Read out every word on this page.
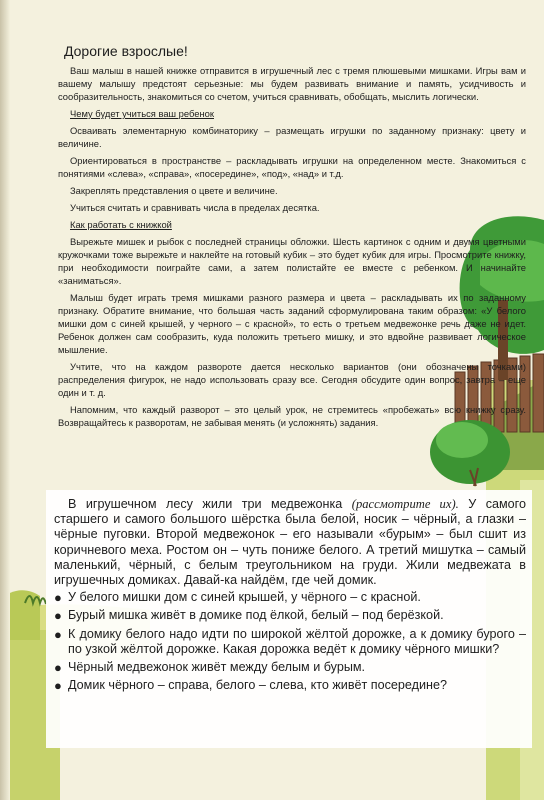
Дорогие взрослые!

Ваш малыш в нашей книжке отправится в игрушечный лес с тремя плюшевыми мишками. Игры вам и вашему малышу предстоят серьезные: мы будем развивать внимание и память, усидчивость и сообразительность, знакомиться со счетом, учиться сравнивать, обобщать, мыслить логически.

Чему будет учиться ваш ребенок

Осваивать элементарную комбинаторику – размещать игрушки по заданному признаку: цвету и величине.

Ориентироваться в пространстве – раскладывать игрушки на определенном месте. Знакомиться с понятиями «слева», «справа», «посередине», «под», «над» и т.д.

Закреплять представления о цвете и величине.

Учиться считать и сравнивать числа в пределах десятка.

Как работать с книжкой

Вырежьте мишек и рыбок с последней страницы обложки. Шесть картинок с одним и двумя цветными кружочками тоже вырежьте и наклейте на готовый кубик – это будет кубик для игры. Просмотрите книжку, при необходимости поиграйте сами, а затем полистайте ее вместе с ребенком. И начинайте «заниматься».

Малыш будет играть тремя мишками разного размера и цвета – раскладывать их по заданному признаку. Обратите внимание, что большая часть заданий сформулирована таким образом: «У белого мишки дом с синей крышей, у черного – с красной», то есть о третьем медвежонке речь даже не идет. Ребенок должен сам сообразить, куда положить третьего мишку, и это вдвойне развивает логическое мышление.

Учтите, что на каждом развороте дается несколько вариантов (они обозначены точками) распределения фигурок, не надо использовать сразу все. Сегодня обсудите один вопрос, завтра – еще один и т. д.

Напомним, что каждый разворот – это целый урок, не стремитесь «пробежать» всю книжку сразу. Возвращайтесь к разворотам, не забывая менять (и усложнять) задания.

В игрушечном лесу жили три медвежонка (рассмотрите их). У самого старшего и самого большого шёрстка была белой, носик – чёрный, а глазки – чёрные пуговки. Второй медвежонок – его называли «бурым» – был сшит из коричневого меха. Ростом он – чуть пониже белого. А третий мишутка – самый маленький, чёрный, с белым треугольником на груди. Жили медвежата в игрушечных домиках. Давай-ка найдём, где чей домик.

● У белого мишки дом с синей крышей, у чёрного – с красной.
● Бурый мишка живёт в домике под ёлкой, белый – под берёзкой.
● К домику белого надо идти по широкой жёлтой дорожке, а к домику бурого – по узкой жёлтой дорожке. Какая дорожка ведёт к домику чёрного мишки?
● Чёрный медвежонок живёт между белым и бурым.
● Домик чёрного – справа, белого – слева, кто живёт посередине?
